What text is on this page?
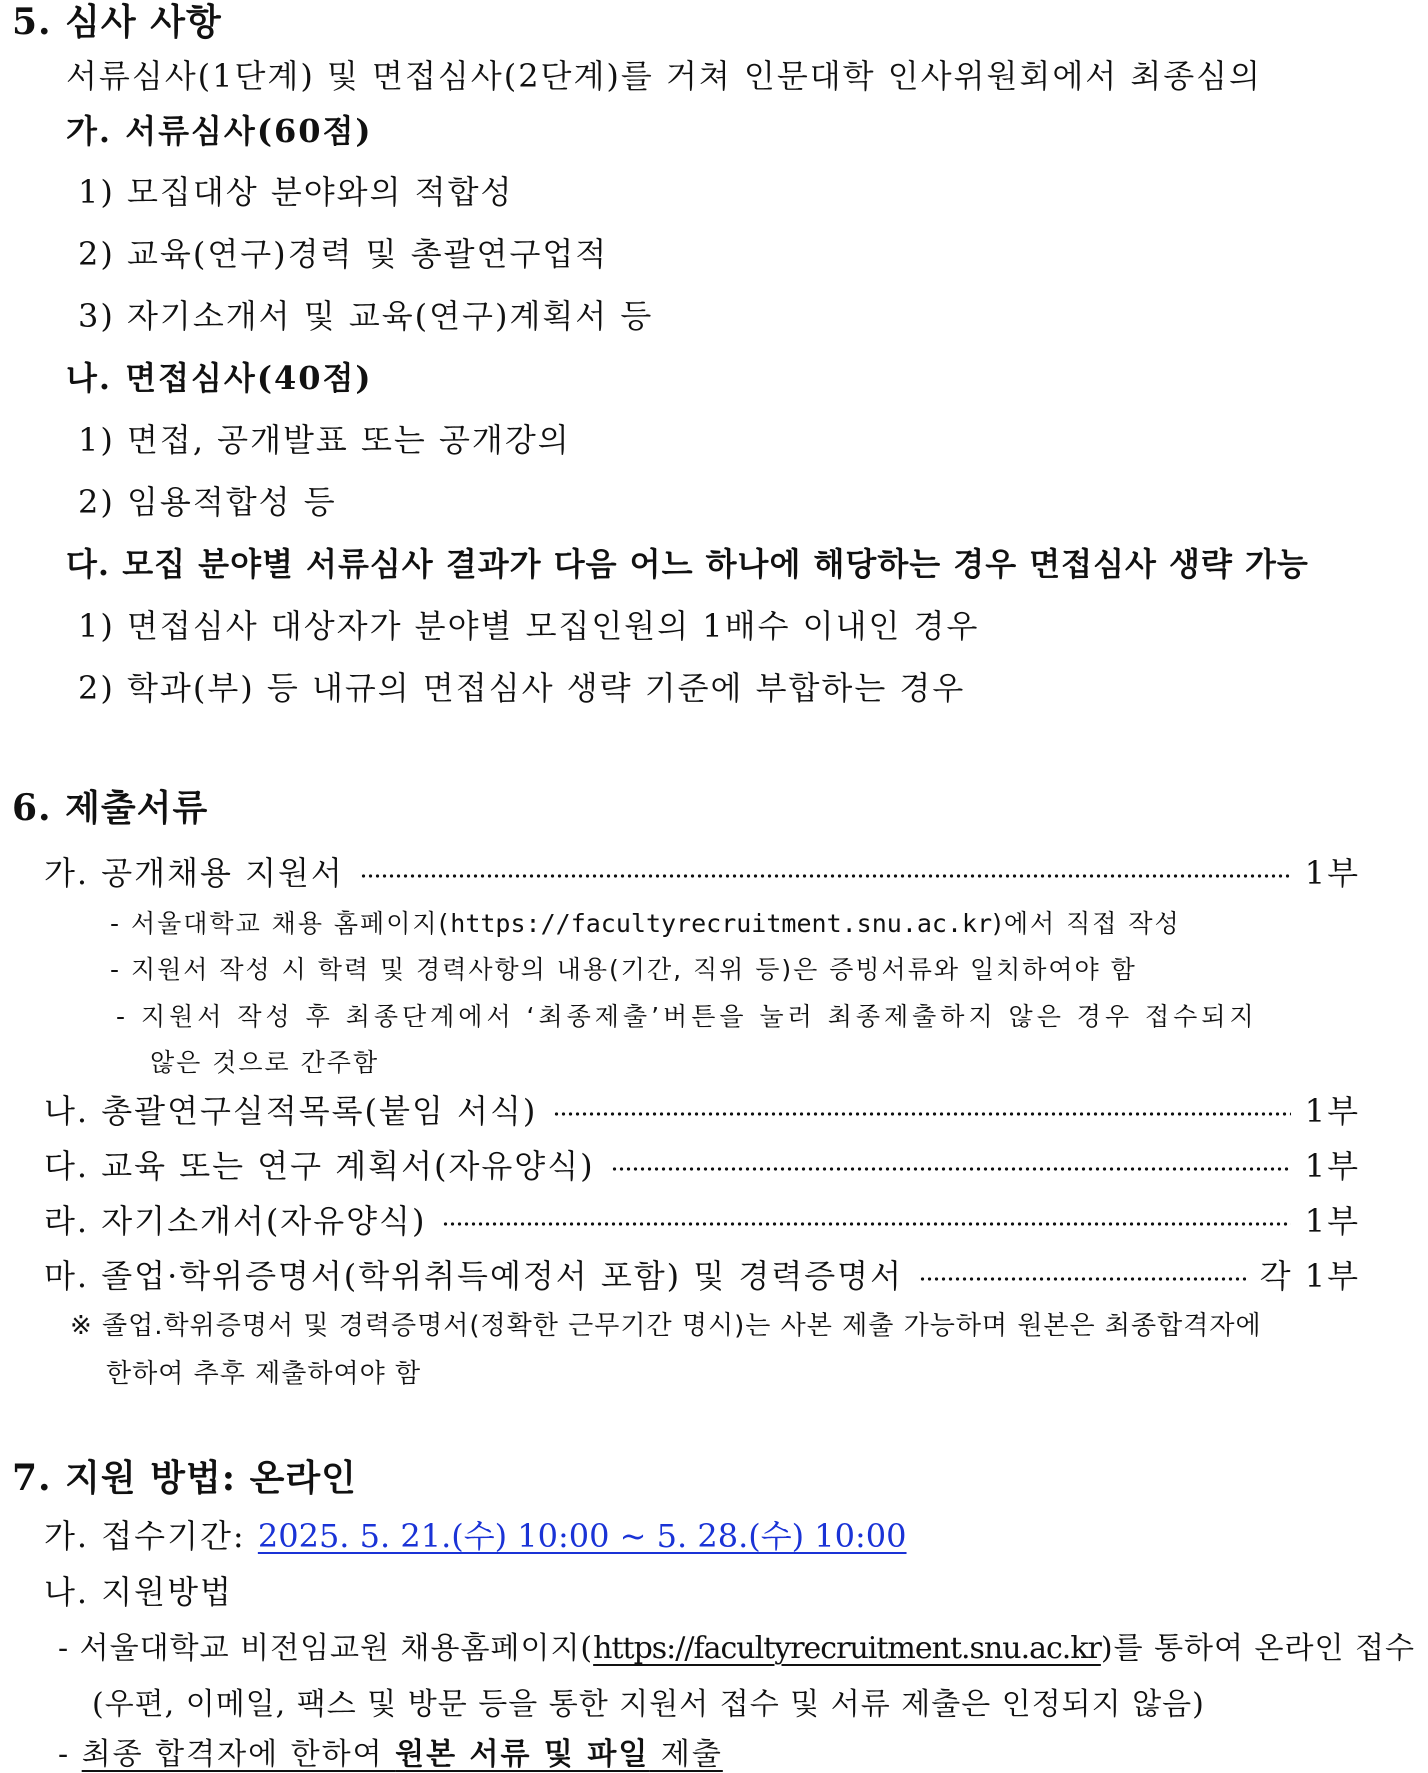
5. 심사 사항
서류심사(1단계) 및 면접심사(2단계)를 거쳐 인문대학 인사위원회에서 최종심의
가. 서류심사(60점)
1) 모집대상 분야와의 적합성
2) 교육(연구)경력 및 총괄연구업적
3) 자기소개서 및 교육(연구)계획서 등
나. 면접심사(40점)
1) 면접, 공개발표 또는 공개강의
2) 임용적합성 등
다. 모집 분야별 서류심사 결과가 다음 어느 하나에 해당하는 경우 면접심사 생략 가능
1) 면접심사 대상자가 분야별 모집인원의 1배수 이내인 경우
2) 학과(부) 등 내규의 면접심사 생략 기준에 부합하는 경우
6. 제출서류
가. 공개채용 지원서	1부
- 서울대학교 채용 홈페이지(https://facultyrecruitment.snu.ac.kr)에서 직접 작성
- 지원서 작성 시 학력 및 경력사항의 내용(기간, 직위 등)은 증빙서류와 일치하여야 함
- 지원서 작성 후 최종단계에서 ‘최종제출’버튼을 눌러 최종제출하지 않은 경우 접수되지
않은 것으로 간주함
나. 총괄연구실적목록(붙임 서식)	1부
다. 교육 또는 연구 계획서(자유양식)	1부
라. 자기소개서(자유양식)	1부
마. 졸업·학위증명서(학위취득예정서 포함) 및 경력증명서	각 1부
※ 졸업.학위증명서 및 경력증명서(정확한 근무기간 명시)는 사본 제출 가능하며 원본은 최종합격자에
한하여 추후 제출하여야 함
7. 지원 방법: 온라인
가. 접수기간: 2025. 5. 21.(수) 10:00 ~ 5. 28.(수) 10:00
나. 지원방법
- 서울대학교 비전임교원 채용홈페이지(https://facultyrecruitment.snu.ac.kr)를 통하여 온라인 접수
(우편, 이메일, 팩스 및 방문 등을 통한 지원서 접수 및 서류 제출은 인정되지 않음)
- 최종 합격자에 한하여 원본 서류 및 파일 제출
